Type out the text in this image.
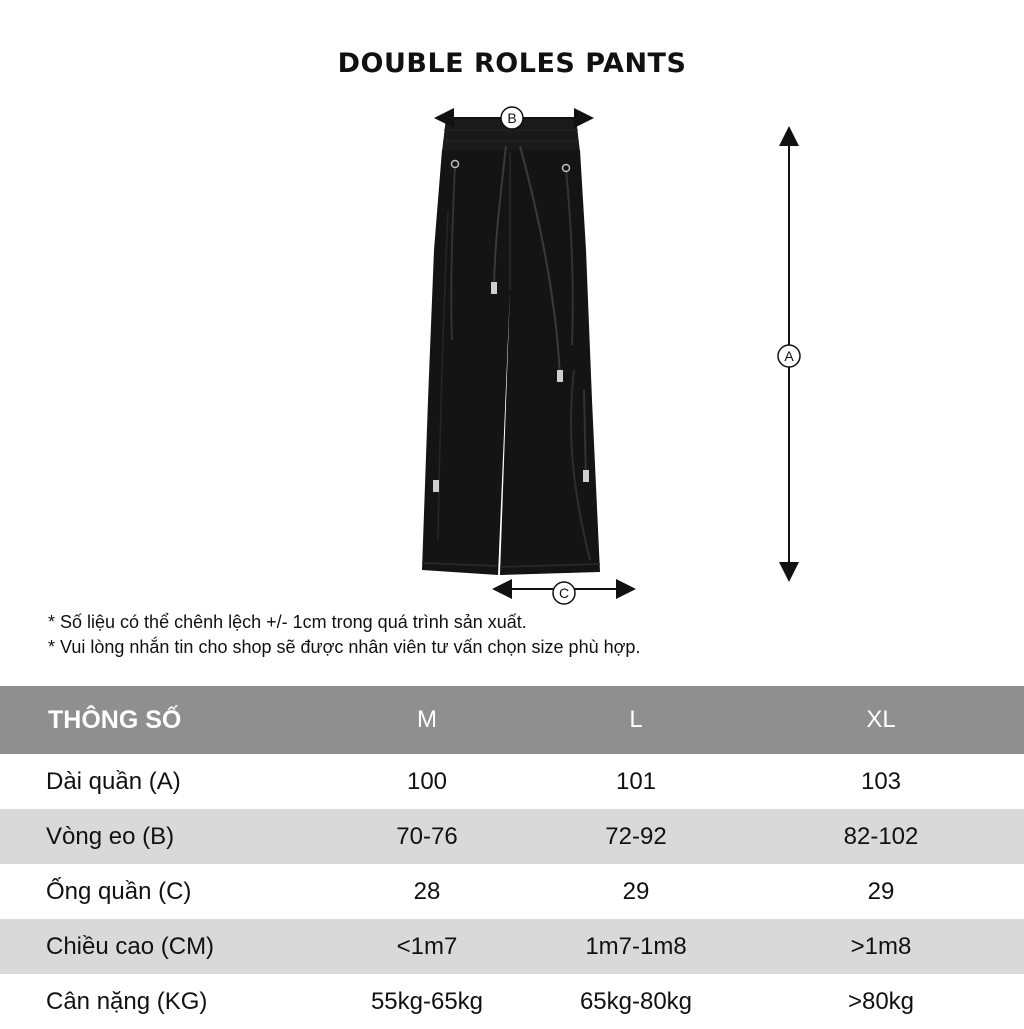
DOUBLE ROLES PANTS
B
A
C
* Số liệu có thể chênh lệch +/- 1cm trong quá trình sản xuất.
* Vui lòng nhắn tin cho shop sẽ được nhân viên tư vấn chọn size phù hợp.
THÔNG SỐ	M	L	XL
Dài quần (A)	100	101	103
Vòng eo (B)	70-76	72-92	82-102
Ống quần (C)	28	29	29
Chiều cao (CM)	<1m7	1m7-1m8	>1m8
Cân nặng (KG)	55kg-65kg	65kg-80kg	>80kg
